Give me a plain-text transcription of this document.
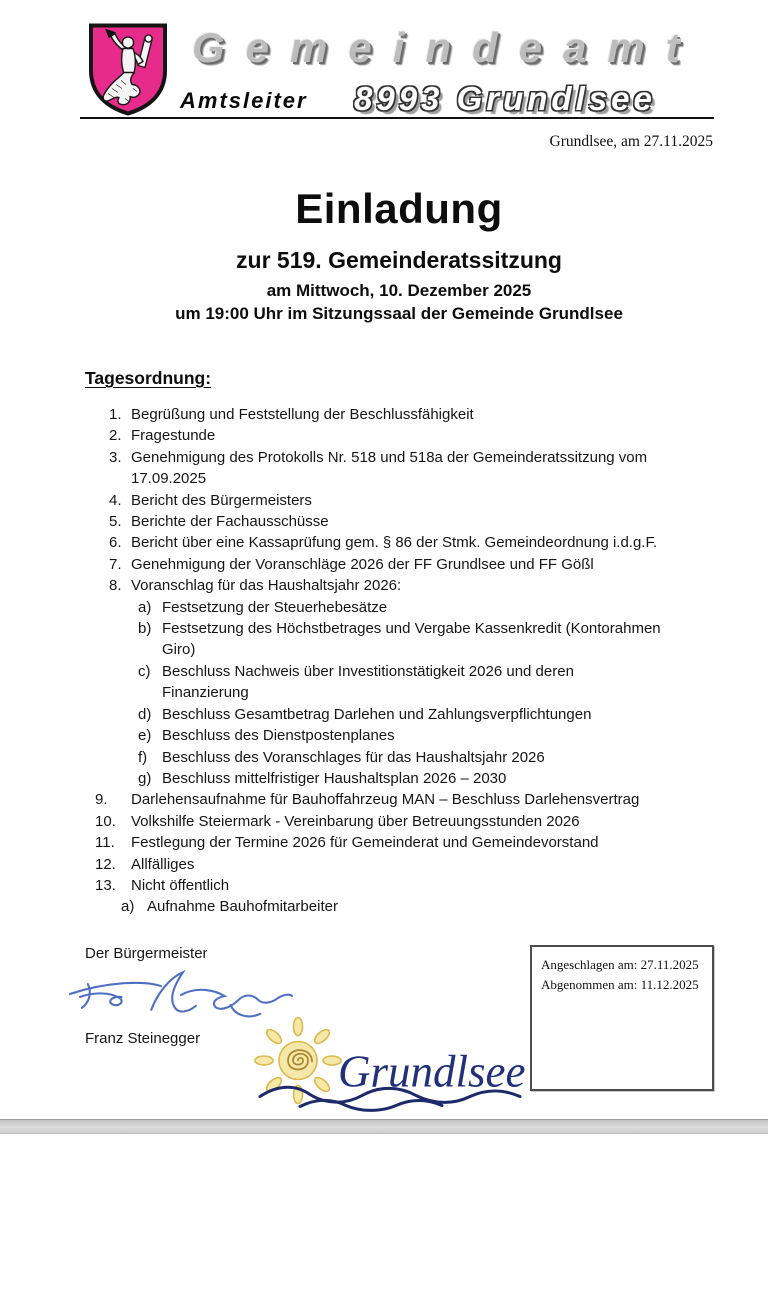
Gemeindeamt
Amtsleiter 8993 Grundlsee
Grundlsee, am 27.11.2025
Einladung
zur 519. Gemeinderatssitzung
am Mittwoch, 10. Dezember 2025
um 19:00 Uhr im Sitzungssaal der Gemeinde Grundlsee
Tagesordnung:
1. Begrüßung und Feststellung der Beschlussfähigkeit
2. Fragestunde
3. Genehmigung des Protokolls Nr. 518 und 518a der Gemeinderatssitzung vom
17.09.2025
4. Bericht des Bürgermeisters
5. Berichte der Fachausschüsse
6. Bericht über eine Kassaprüfung gem. § 86 der Stmk. Gemeindeordnung i.d.g.F.
7. Genehmigung der Voranschläge 2026 der FF Grundlsee und FF Gößl
8. Voranschlag für das Haushaltsjahr 2026:
a) Festsetzung der Steuerhebesätze
b) Festsetzung des Höchstbetrages und Vergabe Kassenkredit (Kontorahmen
Giro)
c) Beschluss Nachweis über Investitionstätigkeit 2026 und deren
Finanzierung
d) Beschluss Gesamtbetrag Darlehen und Zahlungsverpflichtungen
e) Beschluss des Dienstpostenplanes
f) Beschluss des Voranschlages für das Haushaltsjahr 2026
g) Beschluss mittelfristiger Haushaltsplan 2026 – 2030
9.	Darlehensaufnahme für Bauhoffahrzeug MAN – Beschluss Darlehensvertrag
10.	Volkshilfe Steiermark - Vereinbarung über Betreuungsstunden 2026
11.	Festlegung der Termine 2026 für Gemeinderat und Gemeindevorstand
12.	Allfälliges
13.	Nicht öffentlich
a) Aufnahme Bauhofmitarbeiter
Der Bürgermeister
Franz Steinegger
Grundlsee
Angeschlagen am: 27.11.2025
Abgenommen am: 11.12.2025
